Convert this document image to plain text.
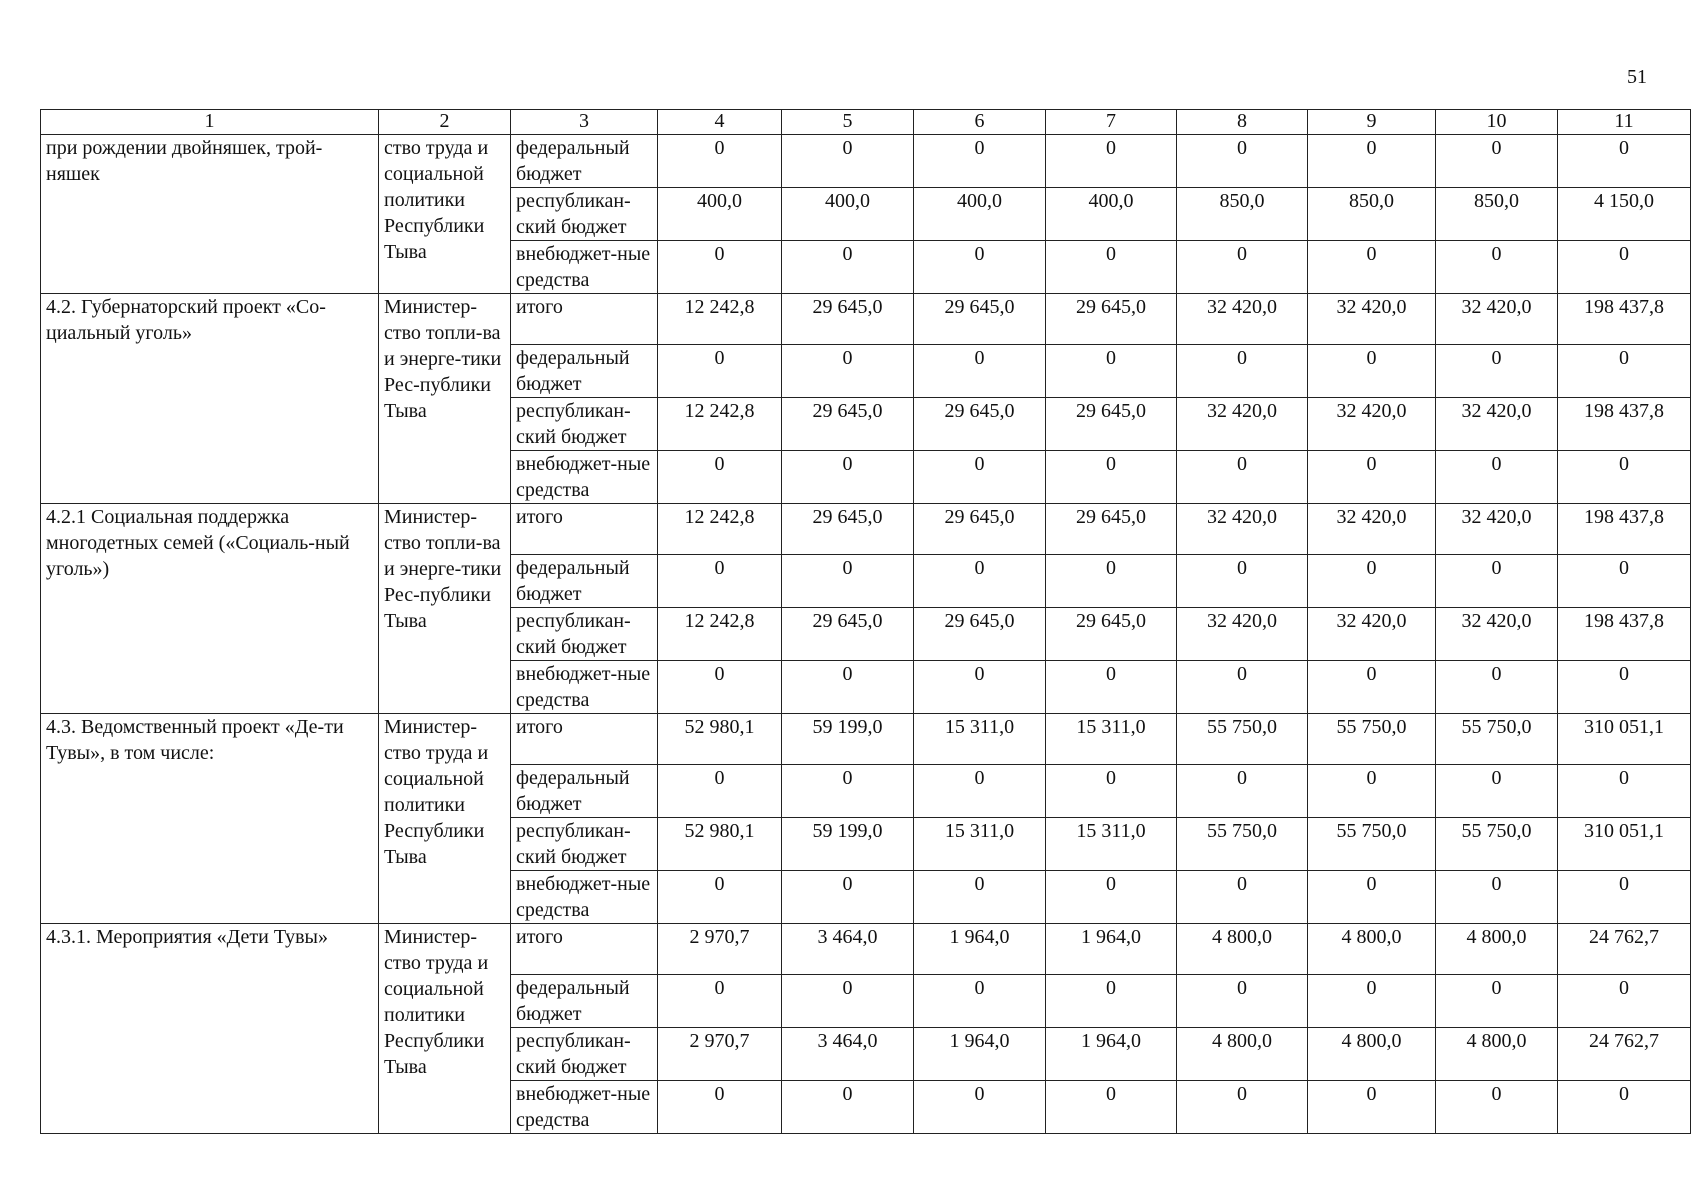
51
1	2	3	4	5	6	7	8	9	10	11
при рождении двойняшек, трой-няшек	ство труда и социальной политики Республики Тыва	федеральный бюджет	0	0	0	0	0	0	0	0
		республикан-ский бюджет	400,0	400,0	400,0	400,0	850,0	850,0	850,0	4 150,0
		внебюджет-ные средства	0	0	0	0	0	0	0	0
4.2. Губернаторский проект «Со-циальный уголь»	Министер-ство топли-ва и энерге-тики Рес-публики Тыва	итого	12 242,8	29 645,0	29 645,0	29 645,0	32 420,0	32 420,0	32 420,0	198 437,8
		федеральный бюджет	0	0	0	0	0	0	0	0
		республикан-ский бюджет	12 242,8	29 645,0	29 645,0	29 645,0	32 420,0	32 420,0	32 420,0	198 437,8
		внебюджет-ные средства	0	0	0	0	0	0	0	0
4.2.1 Социальная поддержка многодетных семей («Социаль-ный уголь»)	Министер-ство топли-ва и энерге-тики Рес-публики Тыва	итого	12 242,8	29 645,0	29 645,0	29 645,0	32 420,0	32 420,0	32 420,0	198 437,8
		федеральный бюджет	0	0	0	0	0	0	0	0
		республикан-ский бюджет	12 242,8	29 645,0	29 645,0	29 645,0	32 420,0	32 420,0	32 420,0	198 437,8
		внебюджет-ные средства	0	0	0	0	0	0	0	0
4.3. Ведомственный проект «Де-ти Тувы», в том числе:	Министер-ство труда и социальной политики Республики Тыва	итого	52 980,1	59 199,0	15 311,0	15 311,0	55 750,0	55 750,0	55 750,0	310 051,1
		федеральный бюджет	0	0	0	0	0	0	0	0
		республикан-ский бюджет	52 980,1	59 199,0	15 311,0	15 311,0	55 750,0	55 750,0	55 750,0	310 051,1
		внебюджет-ные средства	0	0	0	0	0	0	0	0
4.3.1. Мероприятия «Дети Тувы»	Министер-ство труда и социальной политики Республики Тыва	итого	2 970,7	3 464,0	1 964,0	1 964,0	4 800,0	4 800,0	4 800,0	24 762,7
		федеральный бюджет	0	0	0	0	0	0	0	0
		республикан-ский бюджет	2 970,7	3 464,0	1 964,0	1 964,0	4 800,0	4 800,0	4 800,0	24 762,7
		внебюджет-ные средства	0	0	0	0	0	0	0	0
